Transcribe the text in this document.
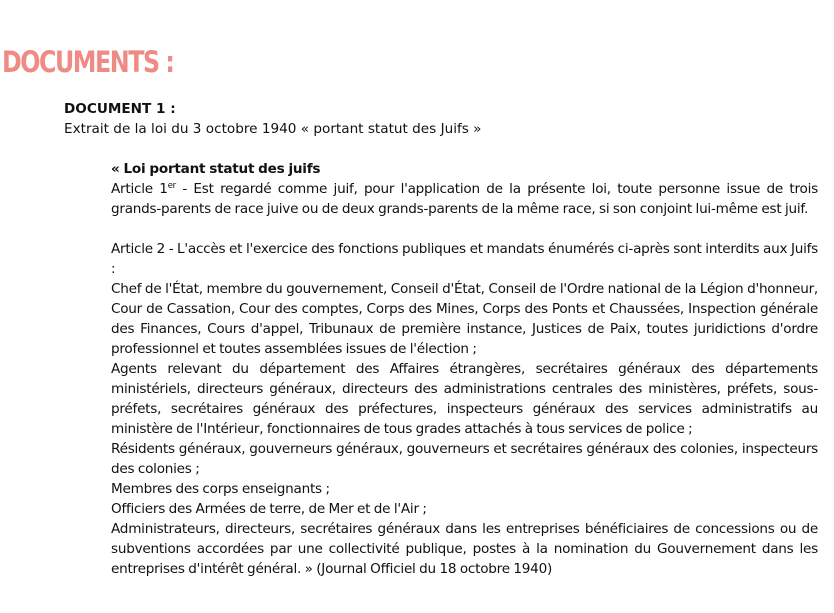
DOCUMENTS :
DOCUMENT 1 :
Extrait de la loi du 3 octobre 1940 « portant statut des Juifs »

« Loi portant statut des juifs

Article 1er - Est regardé comme juif, pour l'application de la présente loi, toute personne issue de trois grands-parents de race juive ou de deux grands-parents de la même race, si son conjoint lui-même est juif.

Article 2 - L'accès et l'exercice des fonctions publiques et mandats énumérés ci-après sont interdits aux Juifs :

Chef de l'État, membre du gouvernement, Conseil d'État, Conseil de l'Ordre national de la Légion d'honneur, Cour de Cassation, Cour des comptes, Corps des Mines, Corps des Ponts et Chaussées, Inspection générale des Finances, Cours d'appel, Tribunaux de première instance, Justices de Paix, toutes juridictions d'ordre professionnel et toutes assemblées issues de l'élection ;

Agents relevant du département des Affaires étrangères, secrétaires généraux des départements ministériels, directeurs généraux, directeurs des administrations centrales des ministères, préfets, sous-préfets, secrétaires généraux des préfectures, inspecteurs généraux des services administratifs au ministère de l'Intérieur, fonctionnaires de tous grades attachés à tous services de police ;

Résidents généraux, gouverneurs généraux, gouverneurs et secrétaires généraux des colonies, inspecteurs des colonies ;

Membres des corps enseignants ;

Officiers des Armées de terre, de Mer et de l'Air ;

Administrateurs, directeurs, secrétaires généraux dans les entreprises bénéficiaires de concessions ou de subventions accordées par une collectivité publique, postes à la nomination du Gouvernement dans les entreprises d'intérêt général. » (Journal Officiel du 18 octobre 1940)
